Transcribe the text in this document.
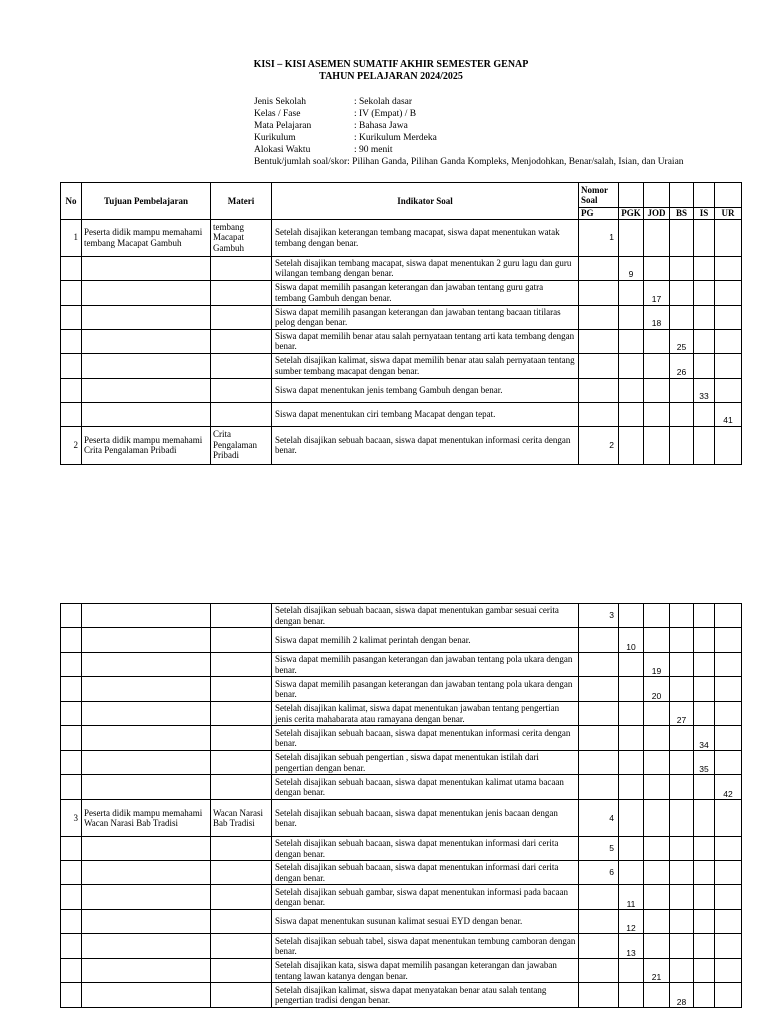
KISI – KISI ASEMEN SUMATIF AKHIR SEMESTER GENAP
TAHUN PELAJARAN 2024/2025
Jenis Sekolah	: Sekolah dasar
Kelas / Fase	: IV (Empat) / B
Mata Pelajaran	: Bahasa Jawa
Kurikulum	: Kurikulum Merdeka
Alokasi Waktu	: 90 menit
Bentuk/jumlah soal/skor : Pilihan Ganda, Pilihan Ganda Kompleks, Menjodohkan, Benar/salah, Isian, dan Uraian
No	Tujuan Pembelajaran	Materi	Indikator Soal	Nomor Soal					
				PG	PGK	JOD	BS	IS	UR
1	Peserta didik mampu memahami tembang Macapat Gambuh	tembang Macapat Gambuh	Setelah disajikan keterangan tembang macapat, siswa dapat menentukan watak tembang dengan benar.	1					
			Setelah disajikan tembang macapat, siswa dapat menentukan 2 guru lagu dan guru wilangan tembang dengan benar.		9				
			Siswa dapat memilih pasangan keterangan dan jawaban tentang guru gatra tembang Gambuh dengan benar.			17			
			Siswa dapat memilih pasangan keterangan dan jawaban tentang bacaan titilaras pelog dengan benar.			18			
			Siswa dapat memilih benar atau salah pernyataan tentang arti kata tembang dengan benar.				25		
			Setelah disajikan kalimat, siswa dapat memilih benar atau salah pernyataan tentang sumber tembang macapat dengan benar.				26		
			Siswa dapat menentukan jenis tembang Gambuh dengan benar.					33	
			Siswa dapat menentukan ciri tembang Macapat dengan tepat.						41
2	Peserta didik mampu memahami Crita Pengalaman Pribadi	Crita Pengalaman Pribadi	Setelah disajikan sebuah bacaan, siswa dapat menentukan informasi cerita dengan benar.	2					
			Setelah disajikan sebuah bacaan, siswa dapat menentukan gambar sesuai cerita dengan benar.	3					
			Siswa dapat memilih 2 kalimat perintah dengan benar.		10				
			Siswa dapat memilih pasangan keterangan dan jawaban tentang pola ukara dengan benar.			19			
			Siswa dapat memilih pasangan keterangan dan jawaban tentang pola ukara dengan benar.			20			
			Setelah disajikan kalimat, siswa dapat menentukan jawaban tentang pengertian jenis cerita mahabarata atau ramayana dengan benar.				27		
			Setelah disajikan sebuah bacaan, siswa dapat menentukan informasi cerita dengan benar.					34	
			Setelah disajikan sebuah pengertian , siswa dapat menentukan istilah dari pengertian dengan benar.					35	
			Setelah disajikan sebuah bacaan, siswa dapat menentukan kalimat utama bacaan dengan benar.						42
3	Peserta didik mampu memahami Wacan Narasi Bab Tradisi	Wacan Narasi Bab Tradisi	Setelah disajikan sebuah bacaan, siswa dapat menentukan jenis bacaan dengan benar.	4					
			Setelah disajikan sebuah bacaan, siswa dapat menentukan informasi dari cerita dengan benar.	5					
			Setelah disajikan sebuah bacaan, siswa dapat menentukan informasi dari cerita dengan benar.	6					
			Setelah disajikan sebuah gambar, siswa dapat menentukan informasi pada bacaan dengan benar.		11				
			Siswa dapat menentukan susunan kalimat sesuai EYD dengan benar.		12				
			Setelah disajikan sebuah tabel, siswa dapat menentukan tembung camboran dengan benar.		13				
			Setelah disajikan kata, siswa dapat memilih pasangan keterangan dan jawaban tentang lawan katanya dengan benar.			21			
			Setelah disajikan kalimat, siswa dapat menyatakan benar atau salah tentang pengertian tradisi dengan benar.				28		
